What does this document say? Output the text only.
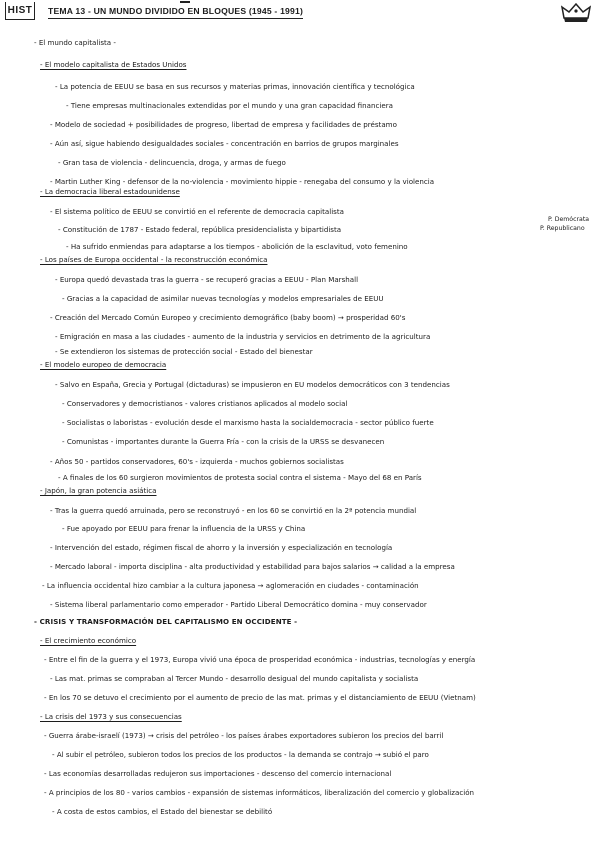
HIST	TEMA 13 - UN MUNDO DIVIDIDO EN BLOQUES (1945 - 1991)
- El mundo capitalista -
- El modelo capitalista de Estados Unidos
- La potencia de EEUU se basa en sus recursos y materias primas, innovación científica y tecnológica
- Tiene empresas multinacionales extendidas por el mundo y una gran capacidad financiera
- Modelo de sociedad + posibilidades de progreso, libertad de empresa y facilidades de préstamo
- Aún así, sigue habiendo desigualdades sociales - concentración en barrios de grupos marginales
- Gran tasa de violencia - delincuencia, droga, y armas de fuego
- Martin Luther King - defensor de la no-violencia - movimiento hippie - renegaba del consumo y la violencia
- La democracia liberal estadounidense
- El sistema político de EEUU se convirtió en el referente de democracia capitalista
- Constitución de 1787 - Estado federal, república presidencialista y bipartidista
- Ha sufrido enmiendas para adaptarse a los tiempos - abolición de la esclavitud, voto femenino
- Los países de Europa occidental - la reconstrucción económica
- Europa quedó devastada tras la guerra - se recuperó gracias a EEUU - Plan Marshall
- Gracias a la capacidad de asimilar nuevas tecnologías y modelos empresariales de EEUU
- Creación del Mercado Común Europeo y crecimiento demográfico (baby boom) → prosperidad 60's
- Emigración en masa a las ciudades - aumento de la industria y servicios en detrimento de la agricultura
- Se extendieron los sistemas de protección social - Estado del bienestar
- El modelo europeo de democracia
- Salvo en España, Grecia y Portugal (dictaduras) se impusieron en EU modelos democráticos con 3 tendencias
- Conservadores y democristianos - valores cristianos aplicados al modelo social
- Socialistas o laboristas - evolución desde el marxismo hasta la socialdemocracia - sector público fuerte
- Comunistas - importantes durante la Guerra Fría - con la crisis de la URSS se desvanecen
- Años 50 - partidos conservadores, 60's - izquierda - muchos gobiernos socialistas
- A finales de los 60 surgieron movimientos de protesta social contra el sistema - Mayo del 68 en París
- Japón, la gran potencia asiática
- Tras la guerra quedó arruinada, pero se reconstruyó - en los 60 se convirtió en la 2ª potencia mundial
- Fue apoyado por EEUU para frenar la influencia de la URSS y China
- Intervención del estado, régimen fiscal de ahorro y la inversión y especialización en tecnología
- Mercado laboral - importa disciplina - alta productividad y estabilidad para bajos salarios → calidad a la empresa
- La influencia occidental hizo cambiar a la cultura japonesa → aglomeración en ciudades - contaminación
- Sistema liberal parlamentario como emperador - Partido Liberal Democrático domina - muy conservador
- CRISIS Y TRANSFORMACIÓN DEL CAPITALISMO EN OCCIDENTE -
- El crecimiento económico
- Entre el fin de la guerra y el 1973, Europa vivió una época de prosperidad económica - industrias, tecnologías y energía
- Las mat. primas se compraban al Tercer Mundo - desarrollo desigual del mundo capitalista y socialista
- En los 70 se detuvo el crecimiento por el aumento de precio de las mat. primas y el distanciamiento de EEUU (Vietnam)
- La crisis del 1973 y sus consecuencias
- Guerra árabe-israelí (1973) → crisis del petróleo - los países árabes exportadores subieron los precios del barril
- Al subir el petróleo, subieron todos los precios de los productos - la demanda se contrajo → subió el paro
- Las economías desarrolladas redujeron sus importaciones - descenso del comercio internacional
- A principios de los 80 - varios cambios - expansión de sistemas informáticos, liberalización del comercio y globalización
- A costa de estos cambios, el Estado del bienestar se debilitó
P. Demócrata
P. Republicano
